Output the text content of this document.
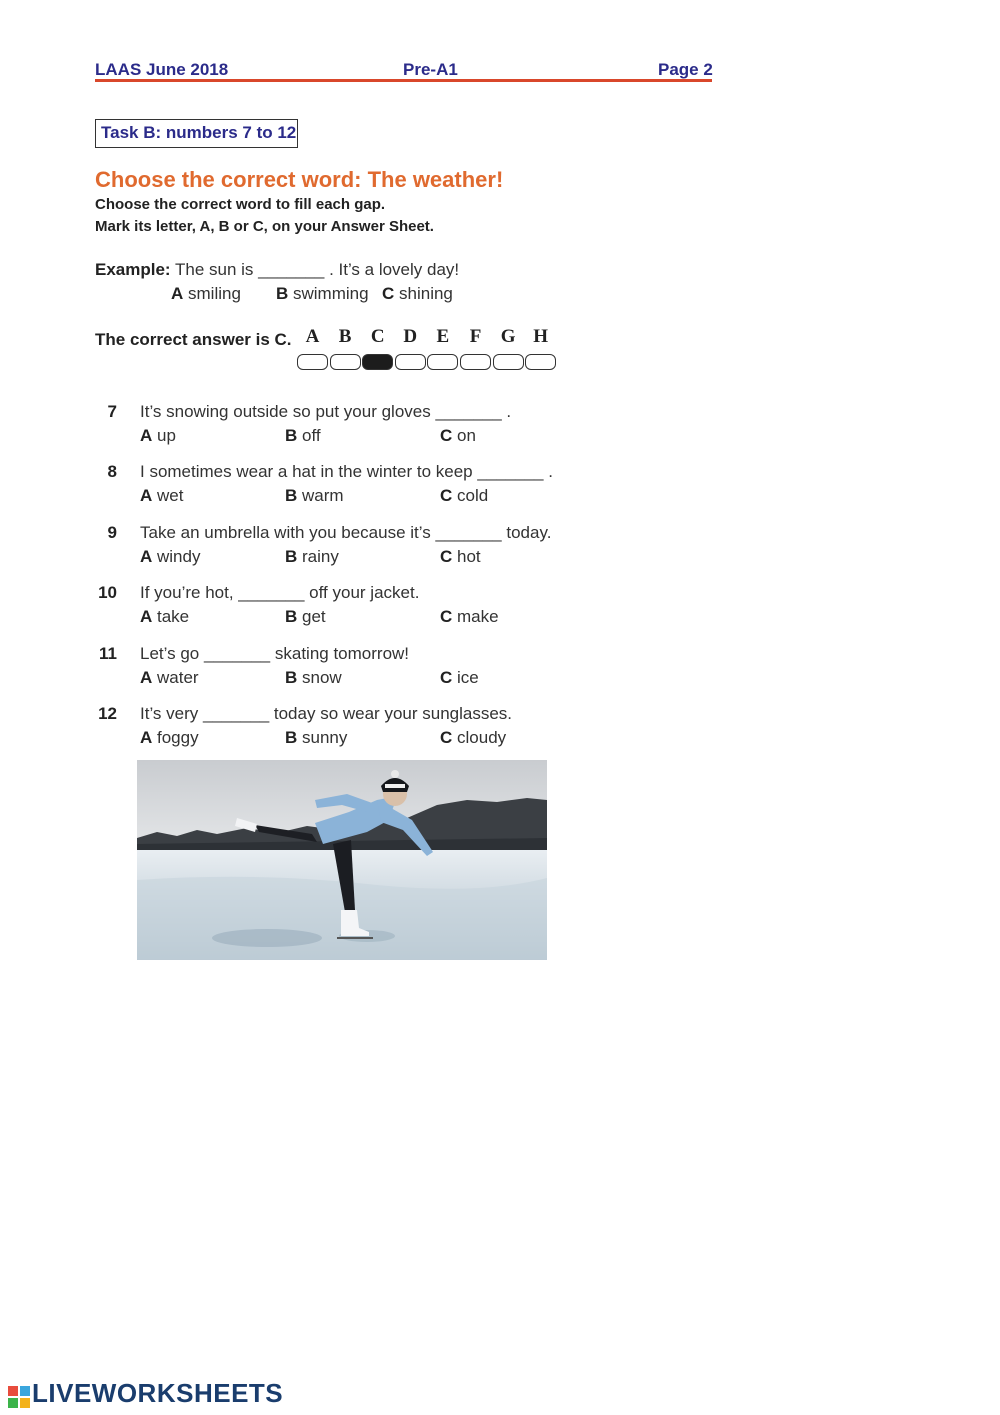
LAAS June 2018	Pre-A1	Page 2
Task B: numbers 7 to 12
Choose the correct word: The weather!
Choose the correct word to fill each gap.
Mark its letter, A, B or C, on your Answer Sheet.
Example: The sun is _______ . It’s a lovely day!
A smiling B swimming C shining
The correct answer is C. A	B	C D	E	F	G H
7 It’s snowing outside so put your gloves _______ .
A up	B off	C on
8 I sometimes wear a hat in the winter to keep _______ .
A wet	B warm	C cold
9 Take an umbrella with you because it’s _______ today.
A windy	B rainy	C hot
10 If you’re hot, _______ off your jacket.
A take	B get	C make
11 Let’s go _______ skating tomorrow!
A water	B snow	C ice
12 It’s very _______ today so wear your sunglasses.
A foggy	B sunny	C cloudy
LIVEWORKSHEETS
